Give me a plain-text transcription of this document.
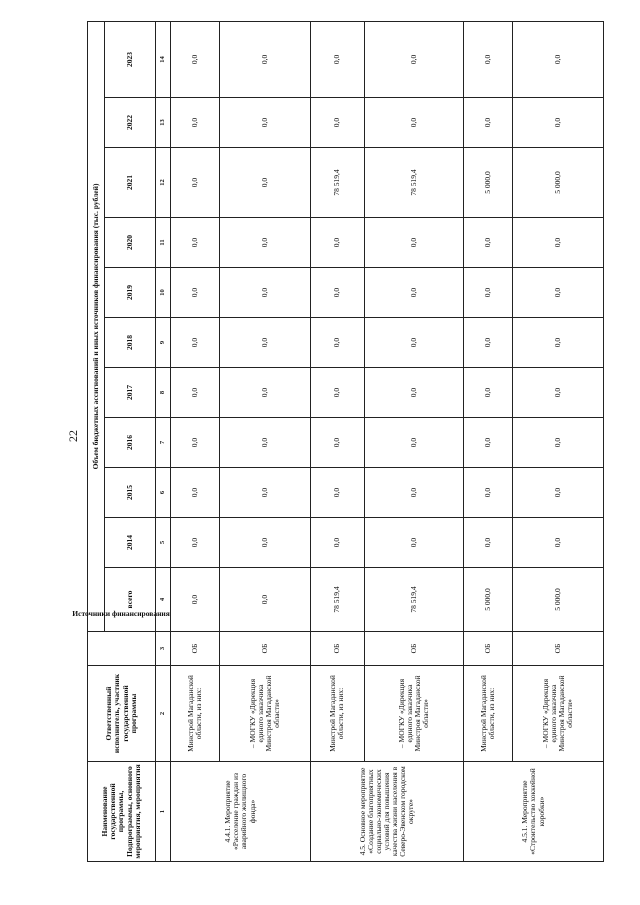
22
Наименование государственной программы, Подпрограммы, основного мероприятия, мероприятия	Ответственный исполнитель, участник государственной программы	Источники финансирования	Объем бюджетных ассигнований и иных источников финансирования (тыс. рублей)										
			всего	2014	2015	2016	2017	2018	2019	2020	2021	2022	2023
1	2	3	4	5	6	7	8	9	10	11	12	13	14
4.4.1. Мероприятие «Расселение граждан из аварийного жилищного фонда»	Минстрой Магаданской области, из них:	ОБ	0,0	0,0	0,0	0,0	0,0	0,0	0,0	0,0	0,0	0,0	0,0
	– МОГКУ «Дирекция единого заказчика Минстроя Магаданской области»	ОБ	0,0	0,0	0,0	0,0	0,0	0,0	0,0	0,0	0,0	0,0	0,0
4.5. Основное мероприятие «Создание благоприятных социально-экономических условий для повышения качества жизни населения в Северо-Эвенском городском округе»	Минстрой Магаданской области, из них:	ОБ	78 519,4	0,0	0,0	0,0	0,0	0,0	0,0	0,0	78 519,4	0,0	0,0
	– МОГКУ «Дирекция единого заказчика Минстроя Магаданской области»	ОБ	78 519,4	0,0	0,0	0,0	0,0	0,0	0,0	0,0	78 519,4	0,0	0,0
4.5.1. Мероприятие «Строительство хоккейной коробки»	Минстрой Магаданской области, из них:	ОБ	5 000,0	0,0	0,0	0,0	0,0	0,0	0,0	0,0	5 000,0	0,0	0,0
	– МОГКУ «Дирекция единого заказчика Минстроя Магаданской области»	ОБ	5 000,0	0,0	0,0	0,0	0,0	0,0	0,0	0,0	5 000,0	0,0	0,0
